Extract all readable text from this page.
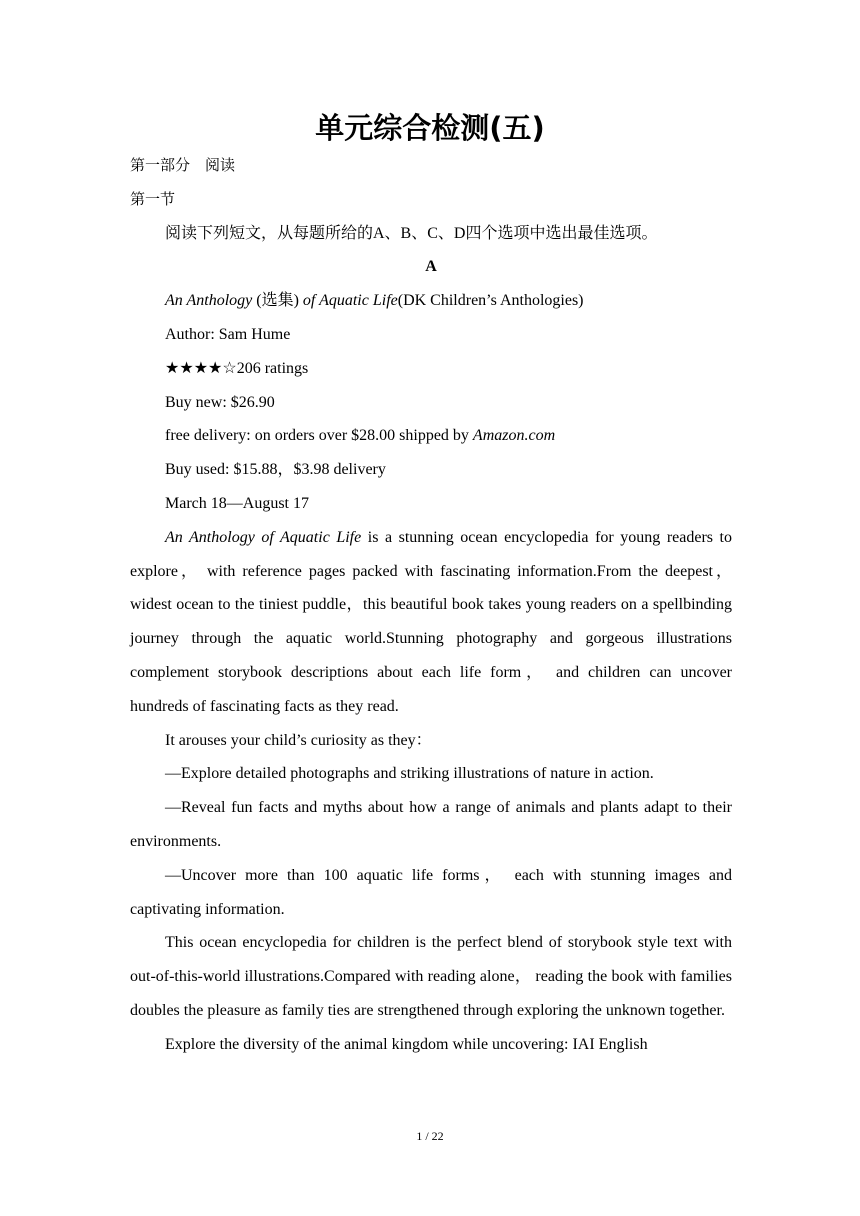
单元综合检测(五)

第一部分　阅读

第一节

阅读下列短文，从每题所给的A、B、C、D四个选项中选出最佳选项。

A

An Anthology (选集) of Aquatic Life(DK Children’s Anthologies)

Author: Sam Hume

★★★★☆206 ratings

Buy new: $26.90

free delivery: on orders over $28.00 shipped by Amazon.com

Buy used: $15.88，$3.98 delivery

March 18—August 17

An Anthology of Aquatic Life is a stunning ocean encyclopedia for young readers to explore， with reference pages packed with fascinating information.From the deepest，widest ocean to the tiniest puddle，this beautiful book takes young readers on a spellbinding journey through the aquatic world.Stunning photography and gorgeous illustrations complement storybook descriptions about each life form， and children can uncover hundreds of fascinating facts as they read.

It arouses your child’s curiosity as they：

—Explore detailed photographs and striking illustrations of nature in action.

—Reveal fun facts and myths about how a range of animals and plants adapt to their environments.

—Uncover more than 100 aquatic life forms， each with stunning images and captivating information.

This ocean encyclopedia for children is the perfect blend of storybook style text with out-of-this-world illustrations.Compared with reading alone， reading the book with families doubles the pleasure as family ties are strengthened through exploring the unknown together.

Explore the diversity of the animal kingdom while uncovering: IAI English

1 / 22
